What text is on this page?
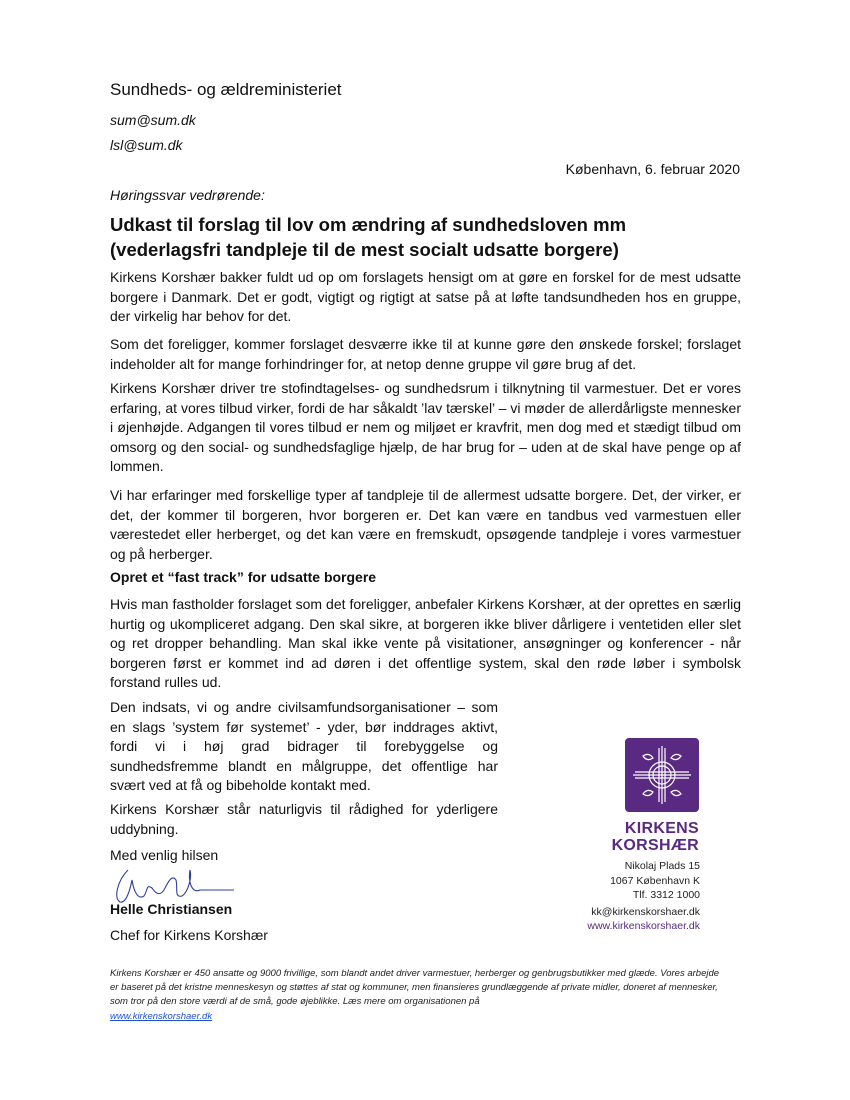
Sundheds- og ældreministeriet
sum@sum.dk
lsl@sum.dk
København, 6. februar 2020
Høringssvar vedrørende:
Udkast til forslag til lov om ændring af sundhedsloven mm (vederlagsfri tandpleje til de mest socialt udsatte borgere)

Kirkens Korshær bakker fuldt ud op om forslagets hensigt om at gøre en forskel for de mest udsatte borgere i Danmark. Det er godt, vigtigt og rigtigt at satse på at løfte tandsundheden hos en gruppe, der virkelig har behov for det.

Som det foreligger, kommer forslaget desværre ikke til at kunne gøre den ønskede forskel; forslaget indeholder alt for mange forhindringer for, at netop denne gruppe vil gøre brug af det.

Kirkens Korshær driver tre stofindtagelses- og sundhedsrum i tilknytning til varmestuer. Det er vores erfaring, at vores tilbud virker, fordi de har såkaldt ’lav tærskel’ – vi møder de allerdårligste mennesker i øjenhøjde. Adgangen til vores tilbud er nem og miljøet er kravfrit, men dog med et stædigt tilbud om omsorg og den social- og sundhedsfaglige hjælp, de har brug for – uden at de skal have penge op af lommen.

Vi har erfaringer med forskellige typer af tandpleje til de allermest udsatte borgere. Det, der virker, er det, der kommer til borgeren, hvor borgeren er. Det kan være en tandbus ved varmestuen eller værestedet eller herberget, og det kan være en fremskudt, opsøgende tandpleje i vores varmestuer og på herberger.

Opret et “fast track” for udsatte borgere

Hvis man fastholder forslaget som det foreligger, anbefaler Kirkens Korshær, at der oprettes en særlig hurtig og ukompliceret adgang. Den skal sikre, at borgeren ikke bliver dårligere i ventetiden eller slet og ret dropper behandling. Man skal ikke vente på visitationer, ansøgninger og konferencer - når borgeren først er kommet ind ad døren i det offentlige system, skal den røde løber i symbolsk forstand rulles ud.

Den indsats, vi og andre civilsamfundsorganisationer – som en slags ’system før systemet’ - yder, bør inddrages aktivt, fordi vi i høj grad bidrager til forebyggelse og sundhedsfremme blandt en målgruppe, det offentlige har svært ved at få og bibeholde kontakt med.

Kirkens Korshær står naturligvis til rådighed for yderligere uddybning.

Med venlig hilsen
Helle Christiansen
Chef for Kirkens Korshær
KIRKENS
KORSHÆR
Nikolaj Plads 15
1067 København K
Tlf. 3312 1000
kk@kirkenskorshaer.dk
www.kirkenskorshaer.dk

Kirkens Korshær er 450 ansatte og 9000 frivillige, som blandt andet driver varmestuer, herberger og genbrugsbutikker med glæde. Vores arbejde er baseret på det kristne menneskesyn og støttes af stat og kommuner, men finansieres grundlæggende af private midler, doneret af mennesker, som tror på den store værdi af de små, gode øjeblikke. Læs mere om organisationen på

www.kirkenskorshaer.dk
